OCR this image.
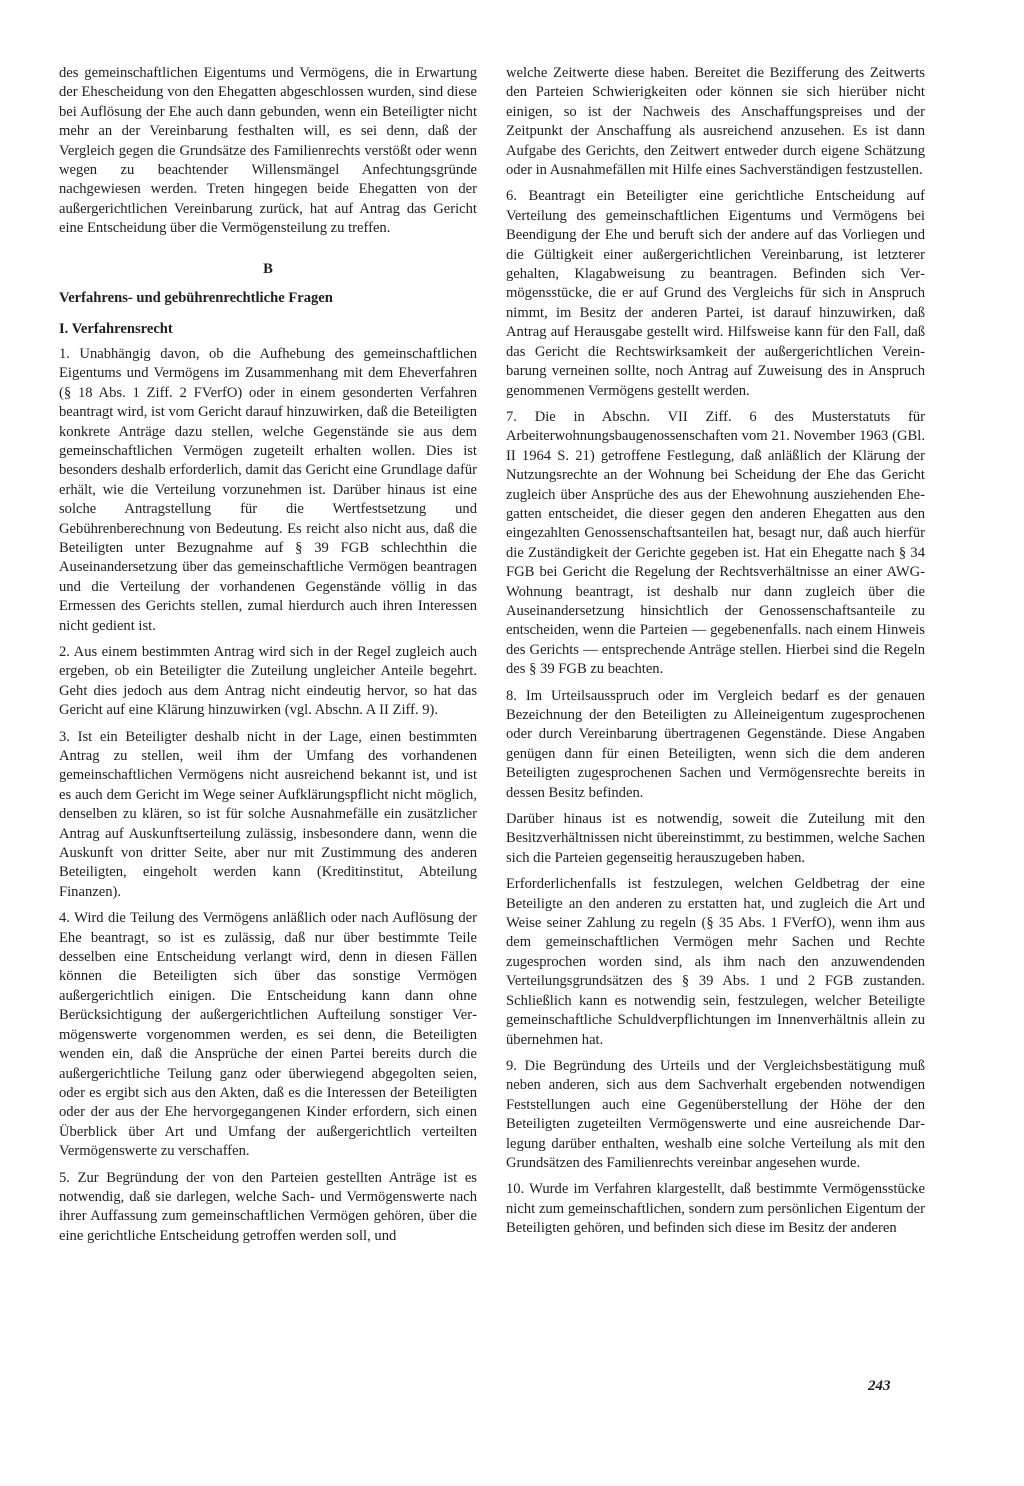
des gemeinschaftlichen Eigentums und Vermögens, die in Erwartung der Ehescheidung von den Ehegatten abgeschlossen wurden, sind diese bei Auflösung der Ehe auch dann gebunden, wenn ein Beteiligter nicht mehr an der Vereinbarung festhalten will, es sei denn, daß der Vergleich gegen die Grundsätze des Familienrechts verstößt oder wenn wegen zu beachtender Willensmängel Anfechtungsgründe nachgewiesen werden. Treten hingegen beide Ehegatten von der außergerichtlichen Vereinbarung zurück, hat auf Antrag das Gericht eine Entscheidung über die Vermögensteilung zu treffen.

B
Verfahrens- und gebührenrechtliche Fragen
I. Verfahrensrecht

1. Unabhängig davon, ob die Aufhebung des gemeinschaftlichen Eigentums und Vermögens im Zusammenhang mit dem Eheverfahren (§ 18 Abs. 1 Ziff. 2 FVerfO) oder in einem gesonderten Verfahren beantragt wird, ist vom Gericht darauf hinzuwirken, daß die Beteiligten konkrete Anträge dazu stellen, welche Gegenstände sie aus dem gemeinschaftlichen Vermögen zugeteilt erhalten wollen. Dies ist besonders deshalb erforderlich, damit das Gericht eine Grundlage dafür erhält, wie die Verteilung vorzunehmen ist. Darüber hinaus ist eine solche Antragstellung für die Wertfestsetzung und Gebührenberechnung von Bedeutung. Es reicht also nicht aus, daß die Beteiligten unter Bezugnahme auf § 39 FGB schlechthin die Auseinandersetzung über das gemeinschaftliche Vermögen beantragen und die Verteilung der vorhandenen Gegenstände völlig in das Ermessen des Gerichts stellen, zumal hierdurch auch ihren Interessen nicht gedient ist.

2. Aus einem bestimmten Antrag wird sich in der Regel zugleich auch ergeben, ob ein Beteiligter die Zuteilung ungleicher Anteile begehrt. Geht dies jedoch aus dem Antrag nicht eindeutig hervor, so hat das Gericht auf eine Klärung hinzuwirken (vgl. Abschn. A II Ziff. 9).

3. Ist ein Beteiligter deshalb nicht in der Lage, einen bestimmten Antrag zu stellen, weil ihm der Umfang des vorhandenen gemeinschaftlichen Vermögens nicht ausreichend bekannt ist, und ist es auch dem Gericht im Wege seiner Aufklärungspflicht nicht möglich, denselben zu klären, so ist für solche Ausnahmefälle ein zusätzlicher Antrag auf Auskunftserteilung zulässig, insbesondere dann, wenn die Auskunft von dritter Seite, aber nur mit Zustimmung des anderen Beteiligten, eingeholt werden kann (Kreditinstitut, Abteilung Finanzen).

4. Wird die Teilung des Vermögens anläßlich oder nach Auflösung der Ehe beantragt, so ist es zulässig, daß nur über bestimmte Teile desselben eine Entscheidung verlangt wird, denn in diesen Fällen können die Beteiligten sich über das sonstige Vermögen außergerichtlich einigen. Die Entscheidung kann dann ohne Berücksichtigung der außergerichtlichen Aufteilung sonstiger Vermögenswerte vorgenommen werden, es sei denn, die Beteiligten wenden ein, daß die Ansprüche der einen Partei bereits durch die außergerichtliche Teilung ganz oder überwiegend abgegolten seien, oder es ergibt sich aus den Akten, daß es die Interessen der Beteiligten oder der aus der Ehe hervorgegangenen Kinder erfordern, sich einen Überblick über Art und Umfang der außergerichtlich verteilten Vermögenswerte zu verschaffen.

5. Zur Begründung der von den Parteien gestellten Anträge ist es notwendig, daß sie darlegen, welche Sach- und Vermögenswerte nach ihrer Auffassung zum gemeinschaftlichen Vermögen gehören, über die eine gerichtliche Entscheidung getroffen werden soll, und

welche Zeitwerte diese haben. Bereitet die Bezifferung des Zeitwerts den Parteien Schwierigkeiten oder können sie sich hierüber nicht einigen, so ist der Nachweis des Anschaffungspreises und der Zeitpunkt der Anschaffung als ausreichend anzusehen. Es ist dann Aufgabe des Gerichts, den Zeitwert entweder durch eigene Schätzung oder in Ausnahmefällen mit Hilfe eines Sachverständigen festzustellen.

6. Beantragt ein Beteiligter eine gerichtliche Entscheidung auf Verteilung des gemeinschaftlichen Eigentums und Vermögens bei Beendigung der Ehe und beruft sich der andere auf das Vorliegen und die Gültigkeit einer außergerichtlichen Vereinbarung, ist letzterer gehalten, Klagabweisung zu beantragen. Befinden sich Vermögensstücke, die er auf Grund des Vergleichs für sich in Anspruch nimmt, im Besitz der anderen Partei, ist darauf hinzuwirken, daß Antrag auf Herausgabe gestellt wird. Hilfsweise kann für den Fall, daß das Gericht die Rechtswirksamkeit der außergerichtlichen Vereinbarung verneinen sollte, noch Antrag auf Zuweisung des in Anspruch genommenen Vermögens gestellt werden.

7. Die in Abschn. VII Ziff. 6 des Musterstatuts für Arbeiterwohnungsbaugenossenschaften vom 21. November 1963 (GBl. II 1964 S. 21) getroffene Festlegung, daß anläßlich der Klärung der Nutzungsrechte an der Wohnung bei Scheidung der Ehe das Gericht zugleich über Ansprüche des aus der Ehewohnung ausziehenden Ehegatten entscheidet, die dieser gegen den anderen Ehegatten aus den eingezahlten Genossenschaftsanteilen hat, besagt nur, daß auch hierfür die Zuständigkeit der Gerichte gegeben ist. Hat ein Ehegatte nach § 34 FGB bei Gericht die Regelung der Rechtsverhältnisse an einer AWG-Wohnung beantragt, ist deshalb nur dann zugleich über die Auseinandersetzung hinsichtlich der Genossenschaftsanteile zu entscheiden, wenn die Parteien — gegebenenfalls. nach einem Hinweis des Gerichts — entsprechende Anträge stellen. Hierbei sind die Regeln des § 39 FGB zu beachten.

8. Im Urteilsausspruch oder im Vergleich bedarf es der genauen Bezeichnung der den Beteiligten zu Alleineigentum zugesprochenen oder durch Vereinbarung übertragenen Gegenstände. Diese Angaben genügen dann für einen Beteiligten, wenn sich die dem anderen Beteiligten zugesprochenen Sachen und Vermögensrechte bereits in dessen Besitz befinden.

Darüber hinaus ist es notwendig, soweit die Zuteilung mit den Besitzverhältnissen nicht übereinstimmt, zu bestimmen, welche Sachen sich die Parteien gegenseitig herauszugeben haben.

Erforderlichenfalls ist festzulegen, welchen Geldbetrag der eine Beteiligte an den anderen zu erstatten hat, und zugleich die Art und Weise seiner Zahlung zu regeln (§ 35 Abs. 1 FVerfO), wenn ihm aus dem gemeinschaftlichen Vermögen mehr Sachen und Rechte zugesprochen worden sind, als ihm nach den anzuwendenden Verteilungsgrundsätzen des § 39 Abs. 1 und 2 FGB zustanden. Schließlich kann es notwendig sein, festzulegen, welcher Beteiligte gemeinschaftliche Schuldverpflichtungen im Innenverhältnis allein zu übernehmen hat.

9. Die Begründung des Urteils und der Vergleichsbestätigung muß neben anderen, sich aus dem Sachverhalt ergebenden notwendigen Feststellungen auch eine Gegenüberstellung der Höhe der den Beteiligten zugeteilten Vermögenswerte und eine ausreichende Darlegung darüber enthalten, weshalb eine solche Verteilung als mit den Grundsätzen des Familienrechts vereinbar angesehen wurde.

10. Wurde im Verfahren klargestellt, daß bestimmte Vermögensstücke nicht zum gemeinschaftlichen, sondern zum persönlichen Eigentum der Beteiligten gehören, und befinden sich diese im Besitz der anderen

243
